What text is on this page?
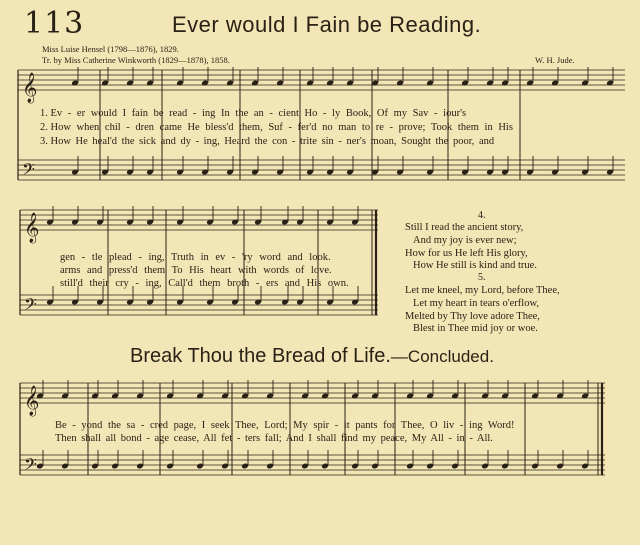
113	Ever would I Fain be Reading.
Miss Luise Hensel (1798—1876), 1829.
Tr. by Miss Catherine Winkworth (1829—1878), 1858.	W. H. Jude.
𝄞
𝄢
𝄞
𝄢
𝄞
𝄢
1. Ev - er would I fain be read - ing In the an - cient Ho - ly Book, Of my Sav - iour's
2. How when chil - dren came He bless'd them, Suf - fer'd no man to re - prove; Took them in His
3. How He heal'd the sick and dy - ing, Heard the con - trite sin - ner's moan, Sought the poor, and
gen - tle plead - ing, Truth in ev - 'ry word and look.
arms and press'd them To His heart with words of love.
still'd their cry - ing, Call'd them broth - ers and His own.
4.
Still I read the ancient story,
And my joy is ever new;
How for us He left His glory,
How He still is kind and true.
5.
Let me kneel, my Lord, before Thee,
Let my heart in tears o'erflow,
Melted by Thy love adore Thee,
Blest in Thee mid joy or woe.
Break Thou the Bread of Life.—Concluded.
Be - yond the sa - cred page, I seek Thee, Lord; My spir - it pants for Thee, O liv - ing Word!
Then shall all bond - age cease, All fet - ters fall; And I shall find my peace, My All - in - All.
